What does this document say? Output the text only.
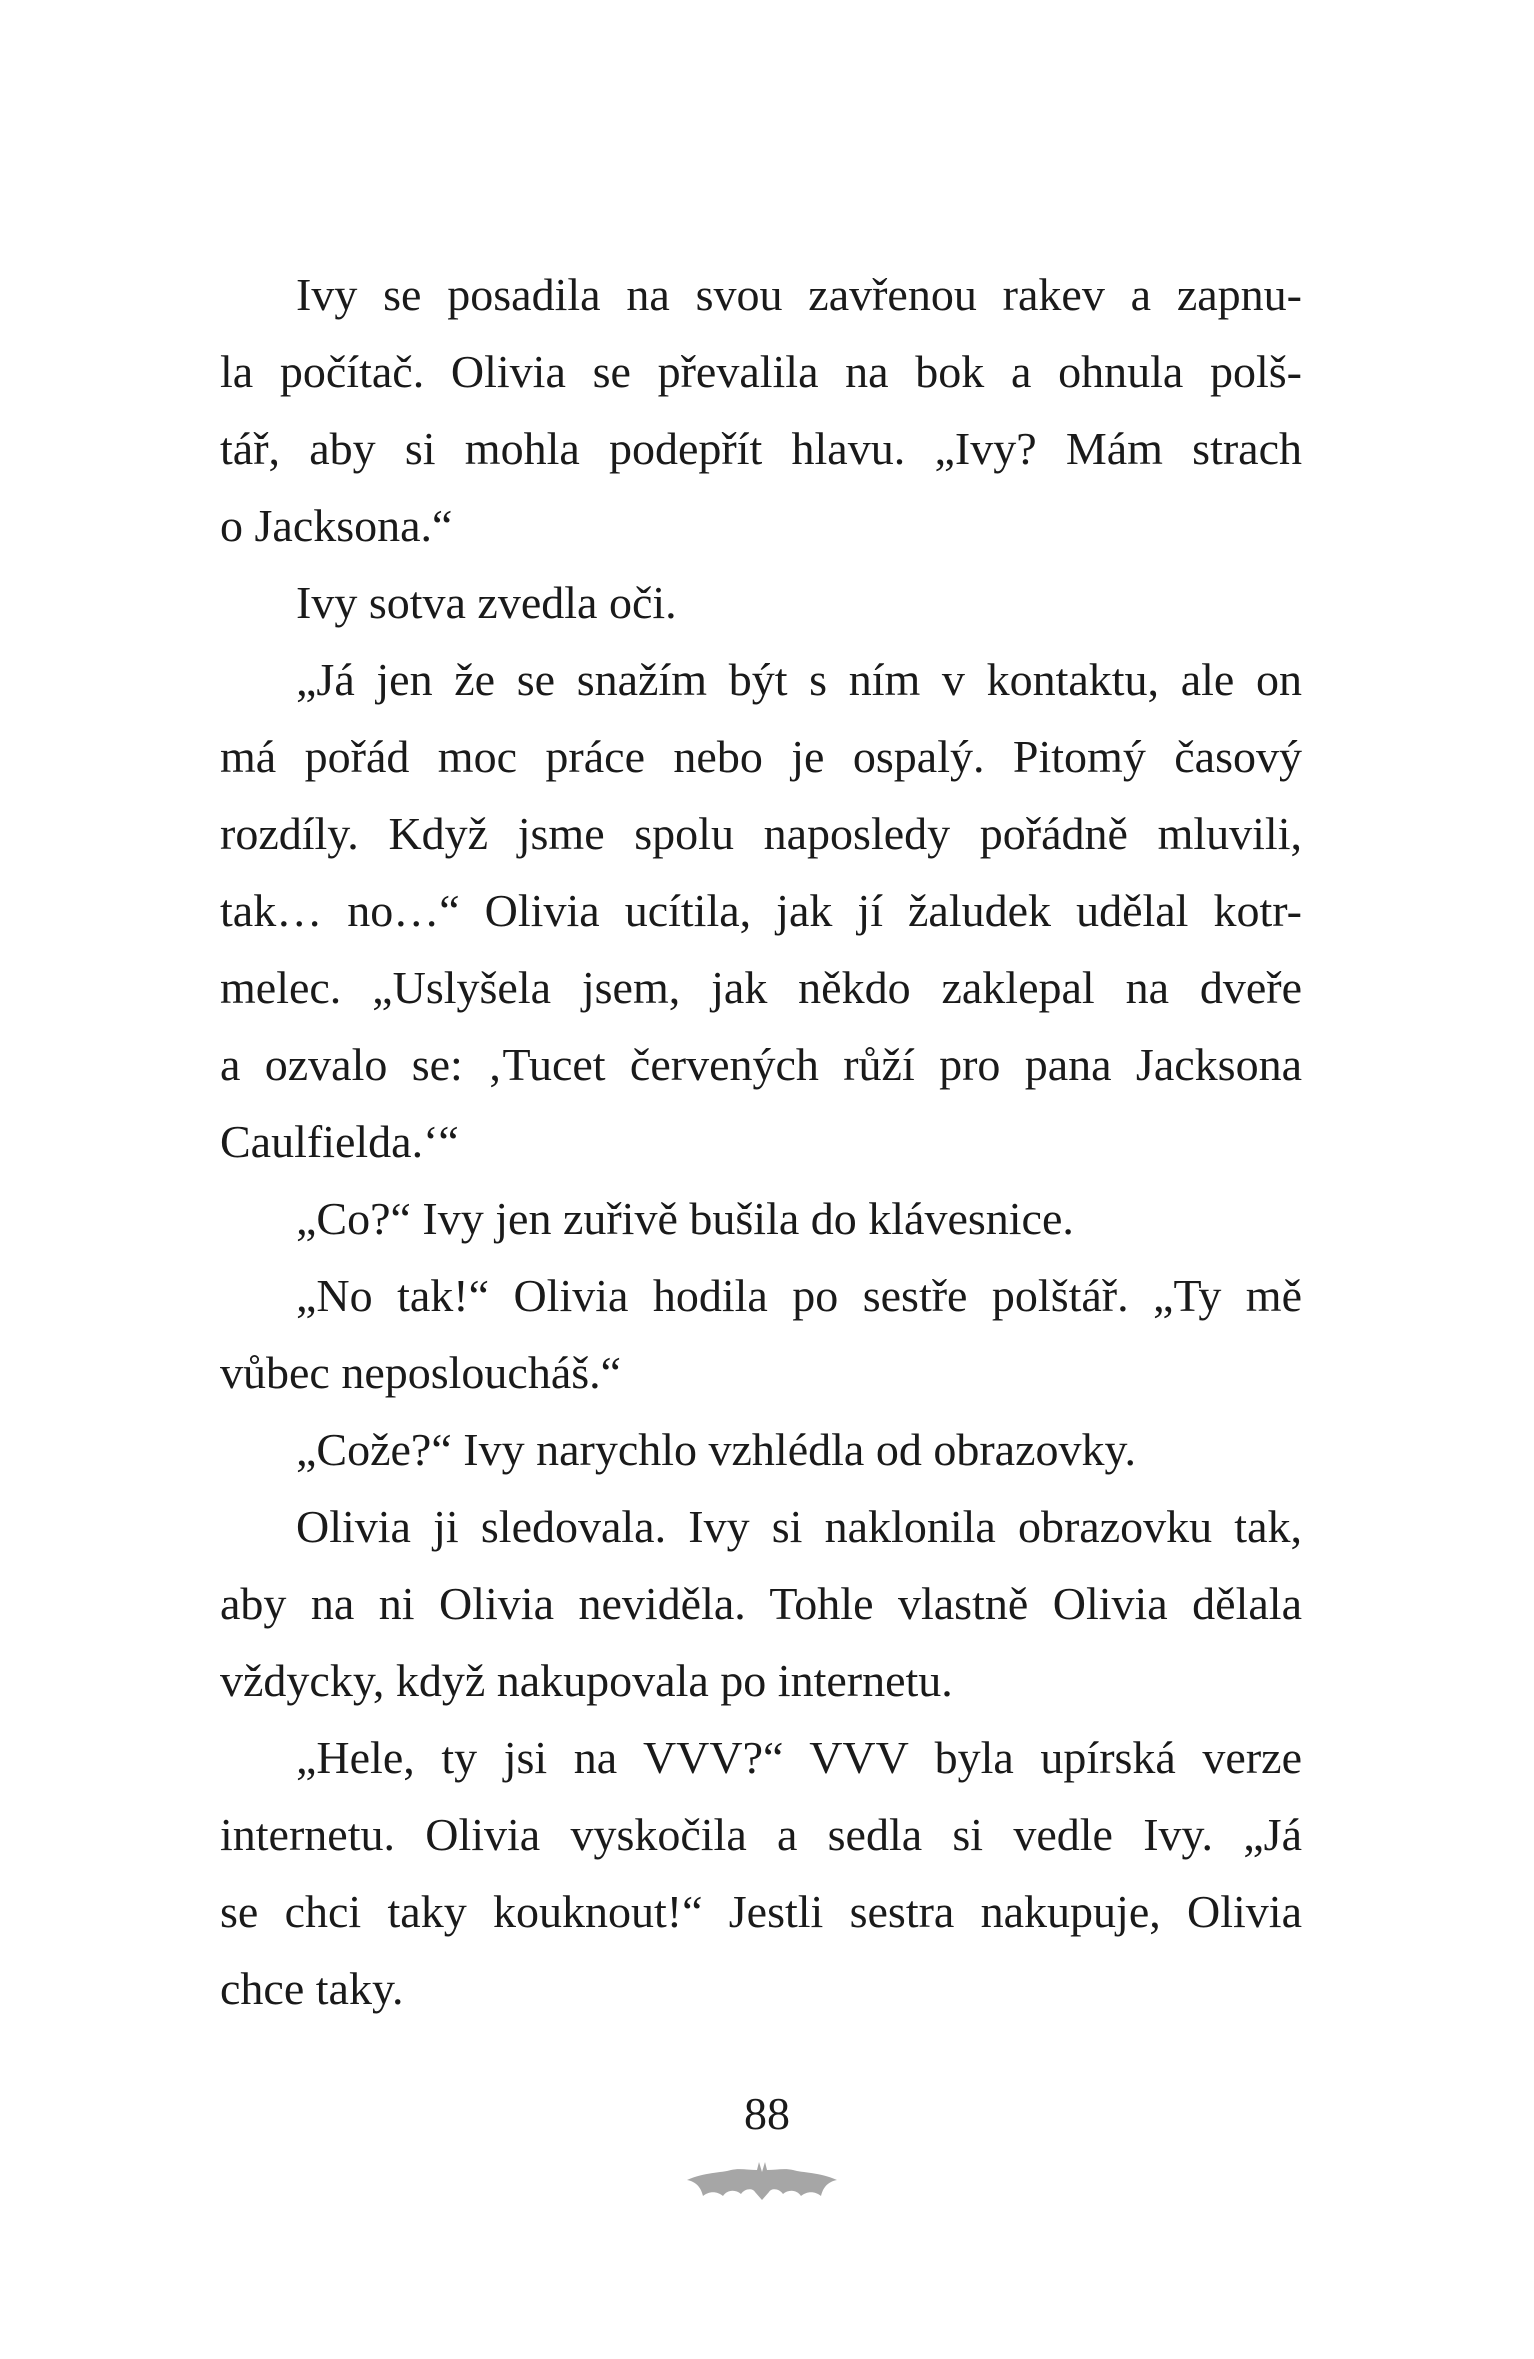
Ivy se posadila na svou zavřenou rakev a zapnu-
la počítač. Olivia se převalila na bok a ohnula polš-
tář, aby si mohla podepřít hlavu. „Ivy? Mám strach
o Jacksona.“
Ivy sotva zvedla oči.
„Já jen že se snažím být s ním v kontaktu, ale on
má pořád moc práce nebo je ospalý. Pitomý časový
rozdíly. Když jsme spolu naposledy pořádně mluvili,
tak… no…“ Olivia ucítila, jak jí žaludek udělal kotr-
melec. „Uslyšela jsem, jak někdo zaklepal na dveře
a ozvalo se: ‚Tucet červených růží pro pana Jacksona
Caulfielda.‘“
„Co?“ Ivy jen zuřivě bušila do klávesnice.
„No tak!“ Olivia hodila po sestře polštář. „Ty mě
vůbec neposloucháš.“
„Cože?“ Ivy narychlo vzhlédla od obrazovky.
Olivia ji sledovala. Ivy si naklonila obrazovku tak,
aby na ni Olivia neviděla. Tohle vlastně Olivia dělala
vždycky, když nakupovala po internetu.
„Hele, ty jsi na VVV?“ VVV byla upírská verze
internetu. Olivia vyskočila a sedla si vedle Ivy. „Já
se chci taky kouknout!“ Jestli sestra nakupuje, Olivia
chce taky.
88
